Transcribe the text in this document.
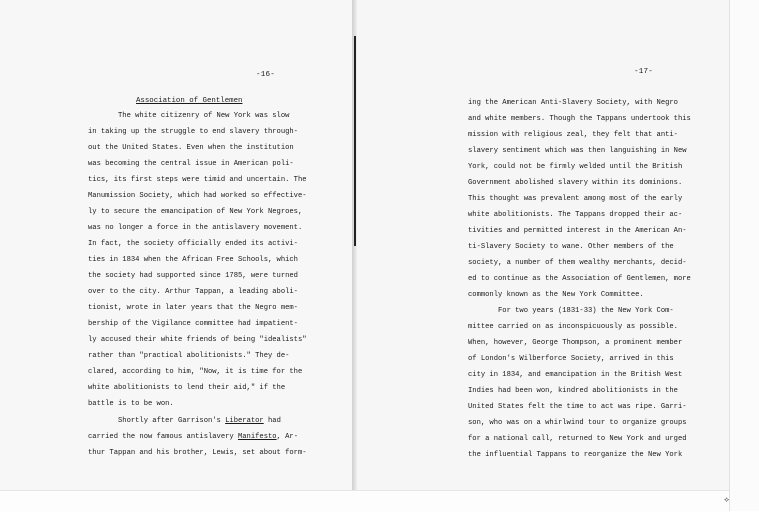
⟡
-16-
Association of Gentlemen
The white citizenry of New York was slow
in taking up the struggle to end slavery through-
out the United States. Even when the institution
was becoming the central issue in American poli-
tics, its first steps were timid and uncertain. The
Manumission Society, which had worked so effective-
ly to secure the emancipation of New York Negroes,
was no longer a force in the antislavery movement.
In fact, the society officially ended its activi-
ties in 1834 when the African Free Schools, which
the society had supported since 1785, were turned
over to the city. Arthur Tappan, a leading aboli-
tionist, wrote in later years that the Negro mem-
bership of the Vigilance committee had impatient-
ly accused their white friends of being "idealists"
rather than "practical abolitionists." They de-
clared, according to him, "Now, it is time for the
white abolitionists to lend their aid," if the
battle is to be won.
Shortly after Garrison's Liberator had
carried the now famous antislavery Manifesto, Ar-
thur Tappan and his brother, Lewis, set about form-
-17-
ing the American Anti-Slavery Society, with Negro
and white members. Though the Tappans undertook this
mission with religious zeal, they felt that anti-
slavery sentiment which was then languishing in New
York, could not be firmly welded until the British
Government abolished slavery within its dominions.
This thought was prevalent among most of the early
white abolitionists. The Tappans dropped their ac-
tivities and permitted interest in the American An-
ti-Slavery Society to wane. Other members of the
society, a number of them wealthy merchants, decid-
ed to continue as the Association of Gentlemen, more
commonly known as the New York Committee.
For two years (1831-33) the New York Com-
mittee carried on as inconspicuously as possible.
When, however, George Thompson, a prominent member
of London's Wilberforce Society, arrived in this
city in 1834, and emancipation in the British West
Indies had been won, kindred abolitionists in the
United States felt the time to act was ripe. Garri-
son, who was on a whirlwind tour to organize groups
for a national call, returned to New York and urged
the influential Tappans to reorganize the New York
